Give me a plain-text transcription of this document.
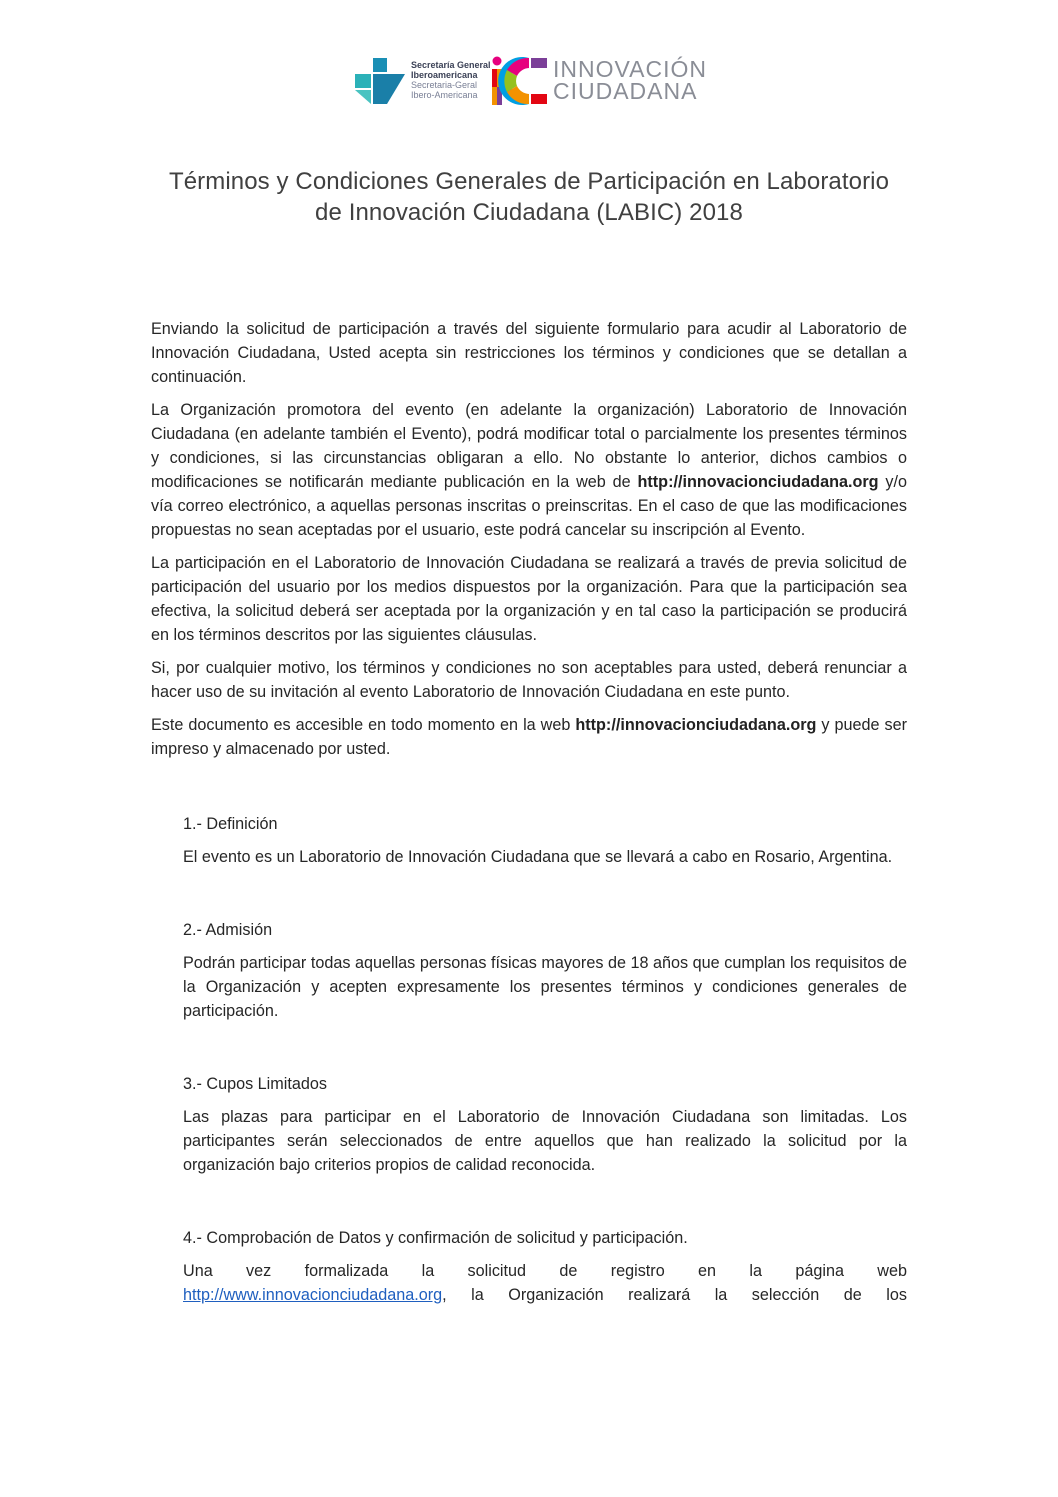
Secretaría General
Iberoamericana
Secretaria-Geral
Ibero-Americana
INNOVACIÓN
CIUDADANA
Términos y Condiciones Generales de Participación en Laboratorio
de Innovación Ciudadana (LABIC) 2018

Enviando la solicitud de participación a través del siguiente formulario para acudir al Laboratorio de Innovación Ciudadana, Usted acepta sin restricciones los términos y condiciones que se detallan a continuación.

La Organización promotora del evento (en adelante la organización) Laboratorio de Innovación Ciudadana (en adelante también el Evento), podrá modificar total o parcialmente los presentes términos y condiciones, si las circunstancias obligaran a ello. No obstante lo anterior, dichos cambios o modificaciones se notificarán mediante publicación en la web de http://innovacionciudadana.org y/o vía correo electrónico, a aquellas personas inscritas o preinscritas. En el caso de que las modificaciones propuestas no sean aceptadas por el usuario, este podrá cancelar su inscripción al Evento.

La participación en el Laboratorio de Innovación Ciudadana se realizará a través de previa solicitud de participación del usuario por los medios dispuestos por la organización. Para que la participación sea efectiva, la solicitud deberá ser aceptada por la organización y en tal caso la participación se producirá en los términos descritos por las siguientes cláusulas.

Si, por cualquier motivo, los términos y condiciones no son aceptables para usted, deberá renunciar a hacer uso de su invitación al evento Laboratorio de Innovación Ciudadana en este punto.

Este documento es accesible en todo momento en la web http://innovacionciudadana.org y puede ser impreso y almacenado por usted.

1.- Definición

El evento es un Laboratorio de Innovación Ciudadana que se llevará a cabo en Rosario, Argentina.

2.- Admisión

Podrán participar todas aquellas personas físicas mayores de 18 años que cumplan los requisitos de la Organización y acepten expresamente los presentes términos y condiciones generales de participación.

3.- Cupos Limitados

Las plazas para participar en el Laboratorio de Innovación Ciudadana son limitadas. Los participantes serán seleccionados de entre aquellos que han realizado la solicitud por la organización bajo criterios propios de calidad reconocida.

4.- Comprobación de Datos y confirmación de solicitud y participación.

Una vez formalizada la solicitud de registro en la página web

http://www.innovacionciudadana.org, la Organización realizará la selección de los
